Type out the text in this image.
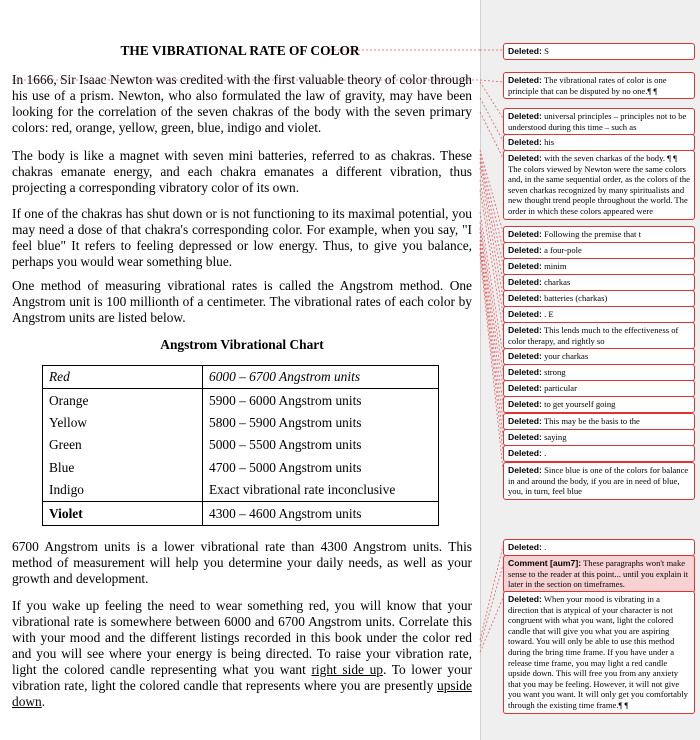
THE VIBRATIONAL RATE OF COLOR

In 1666, Sir Isaac Newton was credited with the first valuable theory of color through his use of a prism. Newton, who also formulated the law of gravity, may have been looking for the correlation of the seven chakras of the body with the seven primary colors: red, orange, yellow, green, blue, indigo and violet.

The body is like a magnet with seven mini batteries, referred to as chakras. These chakras emanate energy, and each chakra emanates a different vibration, thus projecting a corresponding vibratory color of its own.

If one of the chakras has shut down or is not functioning to its maximal potential, you may need a dose of that chakra's corresponding color. For example, when you say, "I feel blue" It refers to feeling depressed or low energy. Thus, to give you balance, perhaps you would wear something blue.

One method of measuring vibrational rates is called the Angstrom method. One Angstrom unit is 100 millionth of a centimeter. The vibrational rates of each color by Angstrom units are listed below.

Angstrom Vibrational Chart
Red	6000 – 6700 Angstrom units
Orange	5900 – 6000 Angstrom units
Yellow	5800 – 5900 Angstrom units
Green	5000 – 5500 Angstrom units
Blue	4700 – 5000 Angstrom units
Indigo	Exact vibrational rate inconclusive
Violet	4300 – 4600 Angstrom units

6700 Angstrom units is a lower vibrational rate than 4300 Angstrom units. This method of measurement will help you determine your daily needs, as well as your growth and development.

If you wake up feeling the need to wear something red, you will know that your vibrational rate is somewhere between 6000 and 6700 Angstrom units. Correlate this with your mood and the different listings recorded in this book under the color red and you will see where your energy is being directed. To raise your vibration rate, light the colored candle representing what you want right side up. To lower your vibration rate, light the colored candle that represents where you are presently upside down.

Deleted: S
Deleted: The vibrational rates of color is one principle that can be disputed by no one.¶ ¶
Deleted: universal principles – principles not to be understood during this time – such as
Deleted: his
Deleted: with the seven charkas of the body. ¶ ¶ The colors viewed by Newton were the same colors and, in the same sequential order, as the colors of the seven charkas recognized by many spiritualists and new thought trend people throughout the world. The order in which these colors appeared were
Deleted: Following the premise that t
Deleted: a four-pole
Deleted: minim
Deleted: charkas
Deleted: batteries (charkas)
Deleted: . E
Deleted: This lends much to the effectiveness of color therapy, and rightly so
Deleted: your charkas
Deleted: strong
Deleted: particular
Deleted: to get yourself going
Deleted: This may be the basis to the
Deleted: saying
Deleted: .
Deleted: Since blue is one of the colors for balance in and around the body, if you are in need of blue, you, in turn, feel blue
Deleted: .
Comment [aum7]: These paragraphs won't make sense to the reader at this point... until you explain it later in the section on timeframes.
Deleted: When your mood is vibrating in a direction that is atypical of your character is not congruent with what you want, light the colored candle that will give you what you are aspiring toward. You will only be able to use this method during the bring time frame. If you have under a release time frame, you may light a red candle upside down. This will free you from any anxiety that you may be feeling. However, it will not give you want you want. It will only get you comfortably through the existing time frame.¶ ¶
